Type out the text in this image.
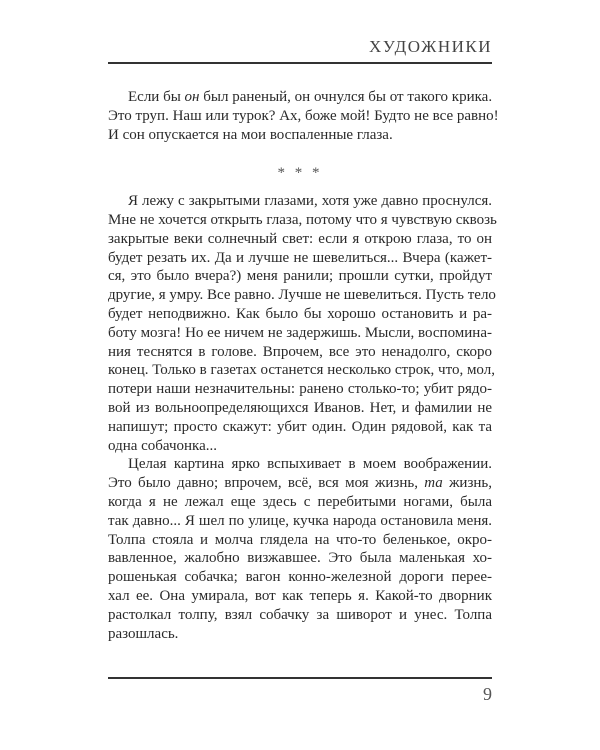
ХУДОЖНИКИ
Если бы он был раненый, он очнулся бы от такого крика.
Это труп. Наш или турок? Ах, боже мой! Будто не все равно!
И сон опускается на мои воспаленные глаза.
* * *
Я лежу с закрытыми глазами, хотя уже давно проснулся.
Мне не хочется открыть глаза, потому что я чувствую сквозь
закрытые веки солнечный свет: если я открою глаза, то он
будет резать их. Да и лучше не шевелиться... Вчера (кажет-
ся, это было вчера?) меня ранили; прошли сутки, пройдут
другие, я умру. Все равно. Лучше не шевелиться. Пусть тело
будет неподвижно. Как было бы хорошо остановить и ра-
боту мозга! Но ее ничем не задержишь. Мысли, воспомина-
ния теснятся в голове. Впрочем, все это ненадолго, скоро
конец. Только в газетах останется несколько строк, что, мол,
потери наши незначительны: ранено столько-то; убит рядо-
вой из вольноопределяющихся Иванов. Нет, и фамилии не
напишут; просто скажут: убит один. Один рядовой, как та
одна собачонка...
Целая картина ярко вспыхивает в моем воображении.
Это было давно; впрочем, всё, вся моя жизнь, та жизнь,
когда я не лежал еще здесь с перебитыми ногами, была
так давно... Я шел по улице, кучка народа остановила меня.
Толпа стояла и молча глядела на что-то беленькое, окро-
вавленное, жалобно визжавшее. Это была маленькая хо-
рошенькая собачка; вагон конно-железной дороги перее-
хал ее. Она умирала, вот как теперь я. Какой-то дворник
растолкал толпу, взял собачку за шиворот и унес. Толпа
разошлась.
9
